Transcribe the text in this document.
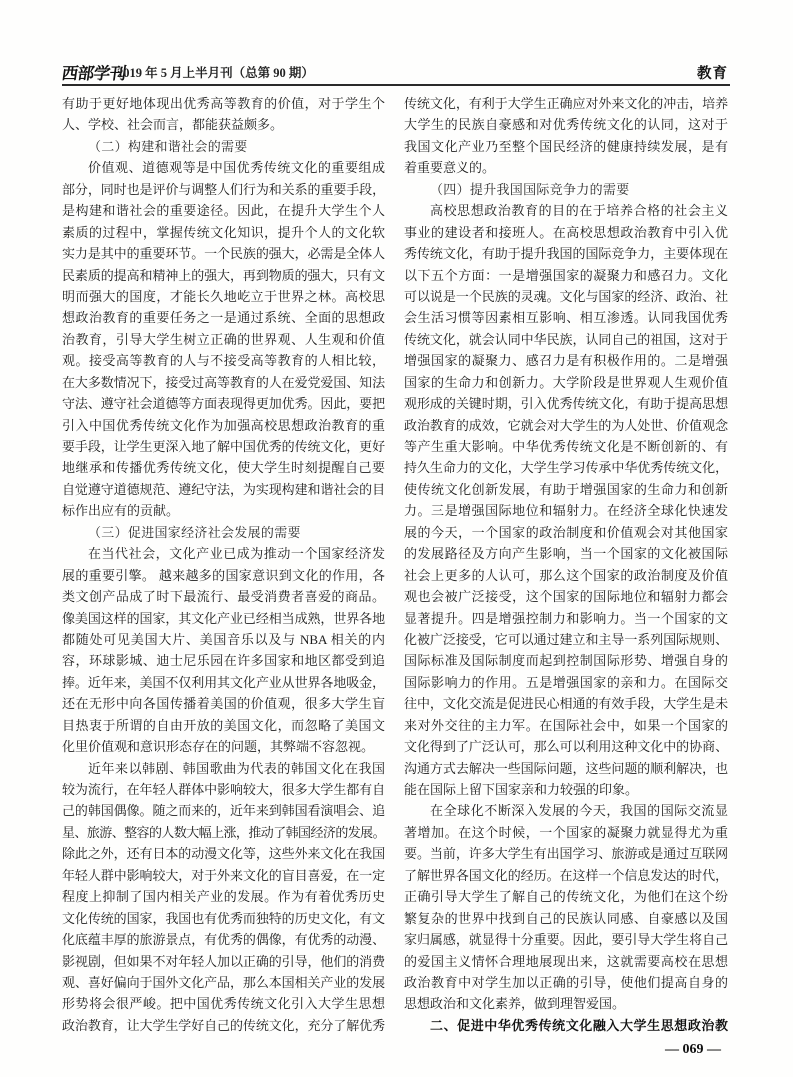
西部学刊
2019 年 5 月上半月刊（总第 90 期）	教育
有助于更好地体现出优秀高等教育的价值，对于学生个
人、学校、社会而言，都能获益颇多。
（二）构建和谐社会的需要
价值观、道德观等是中国优秀传统文化的重要组成
部分，同时也是评价与调整人们行为和关系的重要手段，
是构建和谐社会的重要途径。因此，在提升大学生个人
素质的过程中，掌握传统文化知识，提升个人的文化软
实力是其中的重要环节。一个民族的强大，必需是全体人
民素质的提高和精神上的强大，再到物质的强大，只有文
明而强大的国度，才能长久地屹立于世界之林。高校思
想政治教育的重要任务之一是通过系统、全面的思想政
治教育，引导大学生树立正确的世界观、人生观和价值
观。接受高等教育的人与不接受高等教育的人相比较，
在大多数情况下，接受过高等教育的人在爱党爱国、知法
守法、遵守社会道德等方面表现得更加优秀。因此，要把
引入中国优秀传统文化作为加强高校思想政治教育的重
要手段，让学生更深入地了解中国优秀的传统文化，更好
地继承和传播优秀传统文化，使大学生时刻提醒自己要
自觉遵守道德规范、遵纪守法，为实现构建和谐社会的目
标作出应有的贡献。
（三）促进国家经济社会发展的需要
在当代社会，文化产业已成为推动一个国家经济发
展的重要引擎。 越来越多的国家意识到文化的作用，各
类文创产品成了时下最流行、最受消费者喜爱的商品。
像美国这样的国家，其文化产业已经相当成熟，世界各地
都随处可见美国大片、美国音乐以及与 NBA 相关的内
容，环球影城、迪士尼乐园在许多国家和地区都受到追
捧。近年来，美国不仅利用其文化产业从世界各地吸金，
还在无形中向各国传播着美国的价值观，很多大学生盲
目热衷于所谓的自由开放的美国文化，而忽略了美国文
化里价值观和意识形态存在的问题，其弊端不容忽视。
近年来以韩剧、韩国歌曲为代表的韩国文化在我国
较为流行，在年轻人群体中影响较大，很多大学生都有自
己的韩国偶像。随之而来的，近年来到韩国看演唱会、追
星、旅游、整容的人数大幅上涨，推动了韩国经济的发展。
除此之外，还有日本的动漫文化等，这些外来文化在我国
年轻人群中影响较大，对于外来文化的盲目喜爱，在一定
程度上抑制了国内相关产业的发展。作为有着优秀历史
文化传统的国家，我国也有优秀而独特的历史文化，有文
化底蕴丰厚的旅游景点，有优秀的偶像，有优秀的动漫、
影视剧，但如果不对年轻人加以正确的引导，他们的消费
观、喜好偏向于国外文化产品，那么本国相关产业的发展
形势将会很严峻。把中国优秀传统文化引入大学生思想
政治教育，让大学生学好自己的传统文化，充分了解优秀
传统文化，有利于大学生正确应对外来文化的冲击，培养
大学生的民族自豪感和对优秀传统文化的认同，这对于
我国文化产业乃至整个国民经济的健康持续发展，是有
着重要意义的。
（四）提升我国国际竞争力的需要
高校思想政治教育的目的在于培养合格的社会主义
事业的建设者和接班人。在高校思想政治教育中引入优
秀传统文化，有助于提升我国的国际竞争力，主要体现在
以下五个方面：一是增强国家的凝聚力和感召力。文化
可以说是一个民族的灵魂。文化与国家的经济、政治、社
会生活习惯等因素相互影响、相互渗透。认同我国优秀
传统文化，就会认同中华民族，认同自己的祖国，这对于
增强国家的凝聚力、感召力是有积极作用的。二是增强
国家的生命力和创新力。大学阶段是世界观人生观价值
观形成的关键时期，引入优秀传统文化，有助于提高思想
政治教育的成效，它就会对大学生的为人处世、价值观念
等产生重大影响。中华优秀传统文化是不断创新的、有
持久生命力的文化，大学生学习传承中华优秀传统文化，
使传统文化创新发展，有助于增强国家的生命力和创新
力。三是增强国际地位和辐射力。在经济全球化快速发
展的今天，一个国家的政治制度和价值观会对其他国家
的发展路径及方向产生影响，当一个国家的文化被国际
社会上更多的人认可，那么这个国家的政治制度及价值
观也会被广泛接受，这个国家的国际地位和辐射力都会
显著提升。四是增强控制力和影响力。当一个国家的文
化被广泛接受，它可以通过建立和主导一系列国际规则、
国际标准及国际制度而起到控制国际形势、增强自身的
国际影响力的作用。五是增强国家的亲和力。在国际交
往中，文化交流是促进民心相通的有效手段，大学生是未
来对外交往的主力军。在国际社会中，如果一个国家的
文化得到了广泛认可，那么可以利用这种文化中的协商、
沟通方式去解决一些国际问题，这些问题的顺利解决，也
能在国际上留下国家亲和力较强的印象。
在全球化不断深入发展的今天，我国的国际交流显
著增加。在这个时候，一个国家的凝聚力就显得尤为重
要。当前，许多大学生有出国学习、旅游或是通过互联网
了解世界各国文化的经历。在这样一个信息发达的时代，
正确引导大学生了解自己的传统文化，为他们在这个纷
繁复杂的世界中找到自己的民族认同感、自豪感以及国
家归属感，就显得十分重要。因此，要引导大学生将自己
的爱国主义情怀合理地展现出来，这就需要高校在思想
政治教育中对学生加以正确的引导，使他们提高自身的
思想政治和文化素养，做到理智爱国。
二、促进中华优秀传统文化融入大学生思想政治教
— 069 —
